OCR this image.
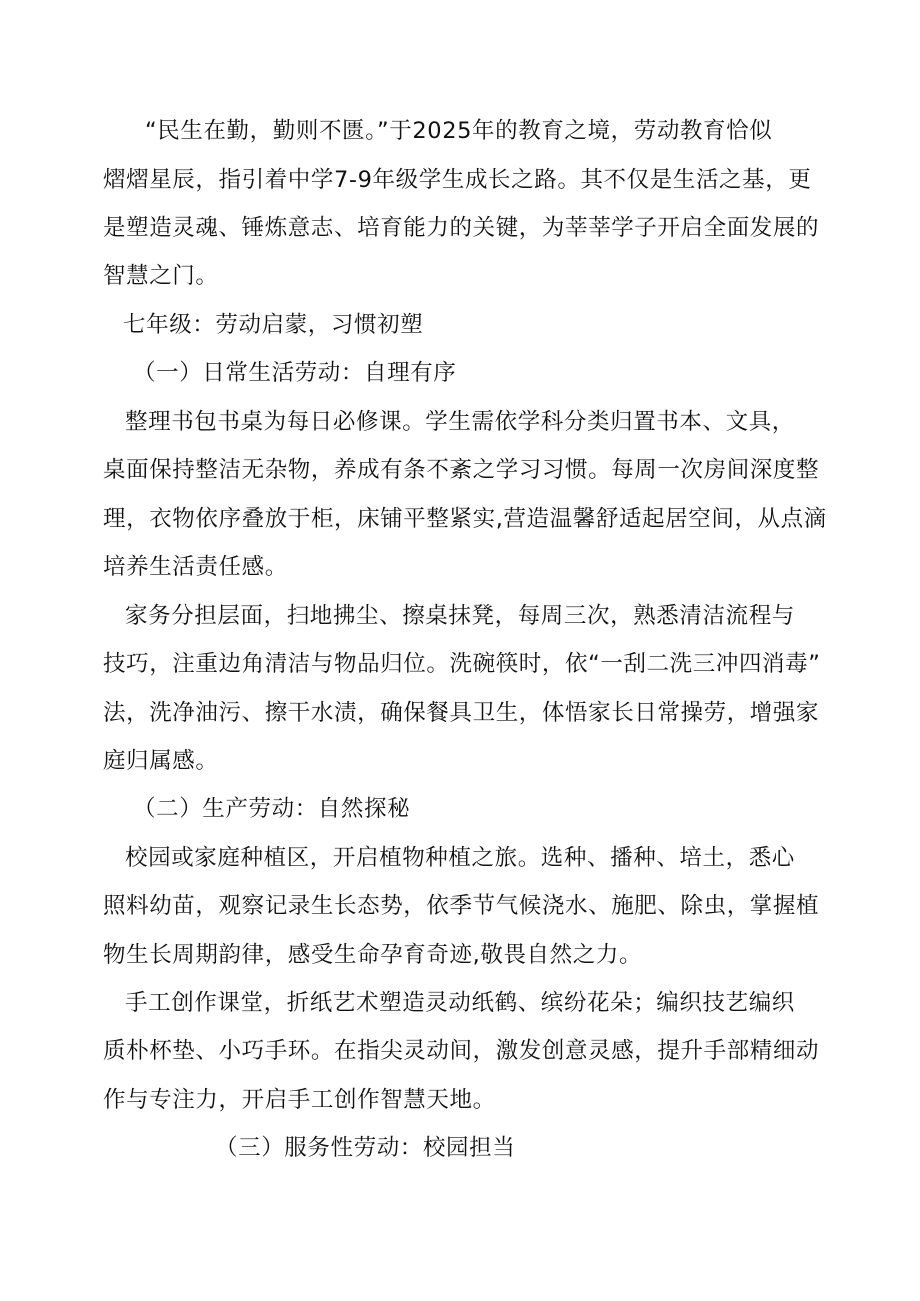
“民生在勤，勤则不匮。”于2025年的教育之境，劳动教育恰似

熠熠星辰，指引着中学7-9年级学生成长之路。其不仅是生活之基，更

是塑造灵魂、锤炼意志、培育能力的关键，为莘莘学子开启全面发展的

智慧之门。

七年级：劳动启蒙，习惯初塑

（一）日常生活劳动：自理有序

整理书包书桌为每日必修课。学生需依学科分类归置书本、文具，

桌面保持整洁无杂物，养成有条不紊之学习习惯。每周一次房间深度整

理，衣物依序叠放于柜，床铺平整紧实,营造温馨舒适起居空间，从点滴

培养生活责任感。

家务分担层面，扫地拂尘、擦桌抹凳，每周三次，熟悉清洁流程与

技巧，注重边角清洁与物品归位。洗碗筷时，依“一刮二洗三冲四消毒”

法，洗净油污、擦干水渍，确保餐具卫生，体悟家长日常操劳，增强家

庭归属感。

（二）生产劳动：自然探秘

校园或家庭种植区，开启植物种植之旅。选种、播种、培土，悉心

照料幼苗，观察记录生长态势，依季节气候浇水、施肥、除虫，掌握植

物生长周期韵律，感受生命孕育奇迹,敬畏自然之力。

手工创作课堂，折纸艺术塑造灵动纸鹤、缤纷花朵；编织技艺编织

质朴杯垫、小巧手环。在指尖灵动间，激发创意灵感，提升手部精细动

作与专注力，开启手工创作智慧天地。

（三）服务性劳动：校园担当
